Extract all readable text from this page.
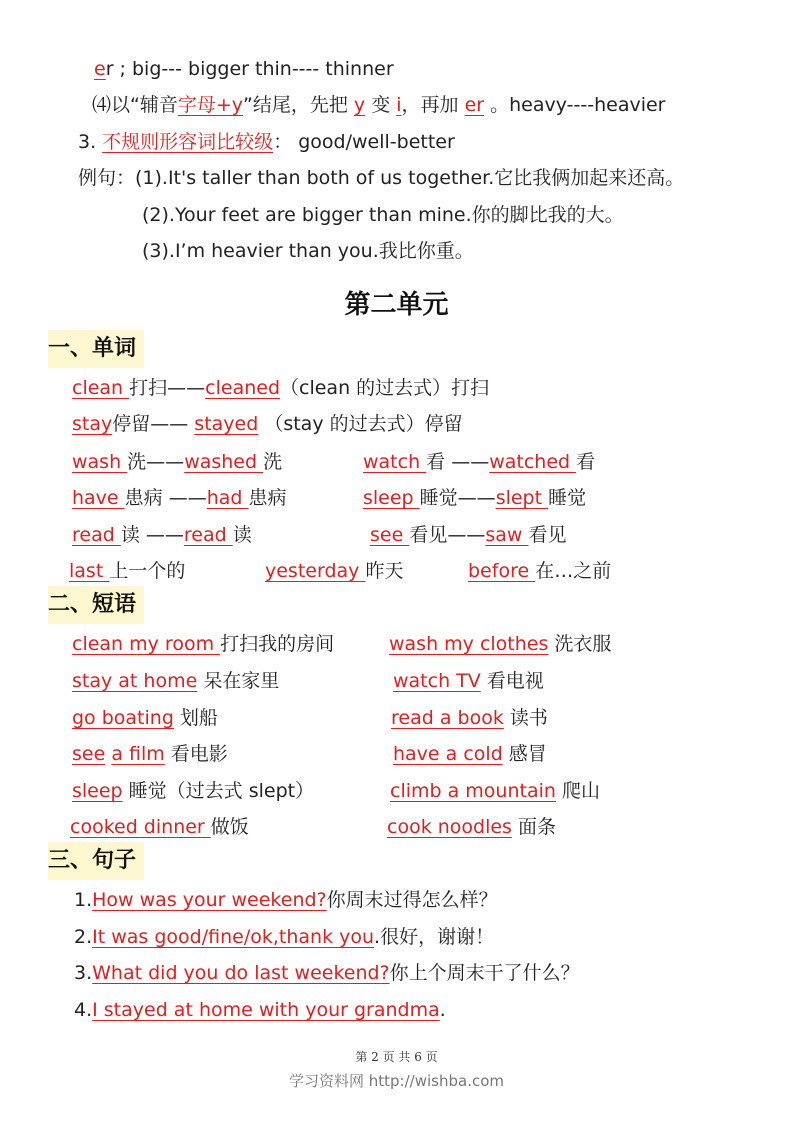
er ; big--- bigger thin---- thinner
⑷以“辅音字母+y”结尾，先把 y 变 i，再加 er 。heavy----heavier
3. 不规则形容词比较级： good/well-better
例句：(1).It's taller than both of us together.它比我俩加起来还高。
(2).Your feet are bigger than mine.你的脚比我的大。
(3).I’m heavier than you.我比你重。
第二单元
一、单词
clean 打扫——cleaned（clean 的过去式）打扫
stay停留—— stayed （stay 的过去式）停留
wash 洗——washed 洗	watch 看 ——watched 看
have 患病 ——had 患病	sleep 睡觉——slept 睡觉
read 读 ——read 读	see 看见——saw 看见
last 上一个的	yesterday 昨天	before 在…之前
二、短语
clean my room 打扫我的房间	wash my clothes 洗衣服
stay at home 呆在家里	watch TV 看电视
go boating 划船	read a book 读书
see a film 看电影	have a cold 感冒
sleep 睡觉（过去式 slept）	climb a mountain 爬山
cooked dinner 做饭	cook noodles 面条
三、句子
1.How was your weekend?你周末过得怎么样？
2.It was good/fine/ok,thank you.很好，谢谢！
3.What did you do last weekend?你上个周末干了什么？
4.I stayed at home with your grandma.
第 2 页 共 6 页
学习资料网 http://wishba.com
